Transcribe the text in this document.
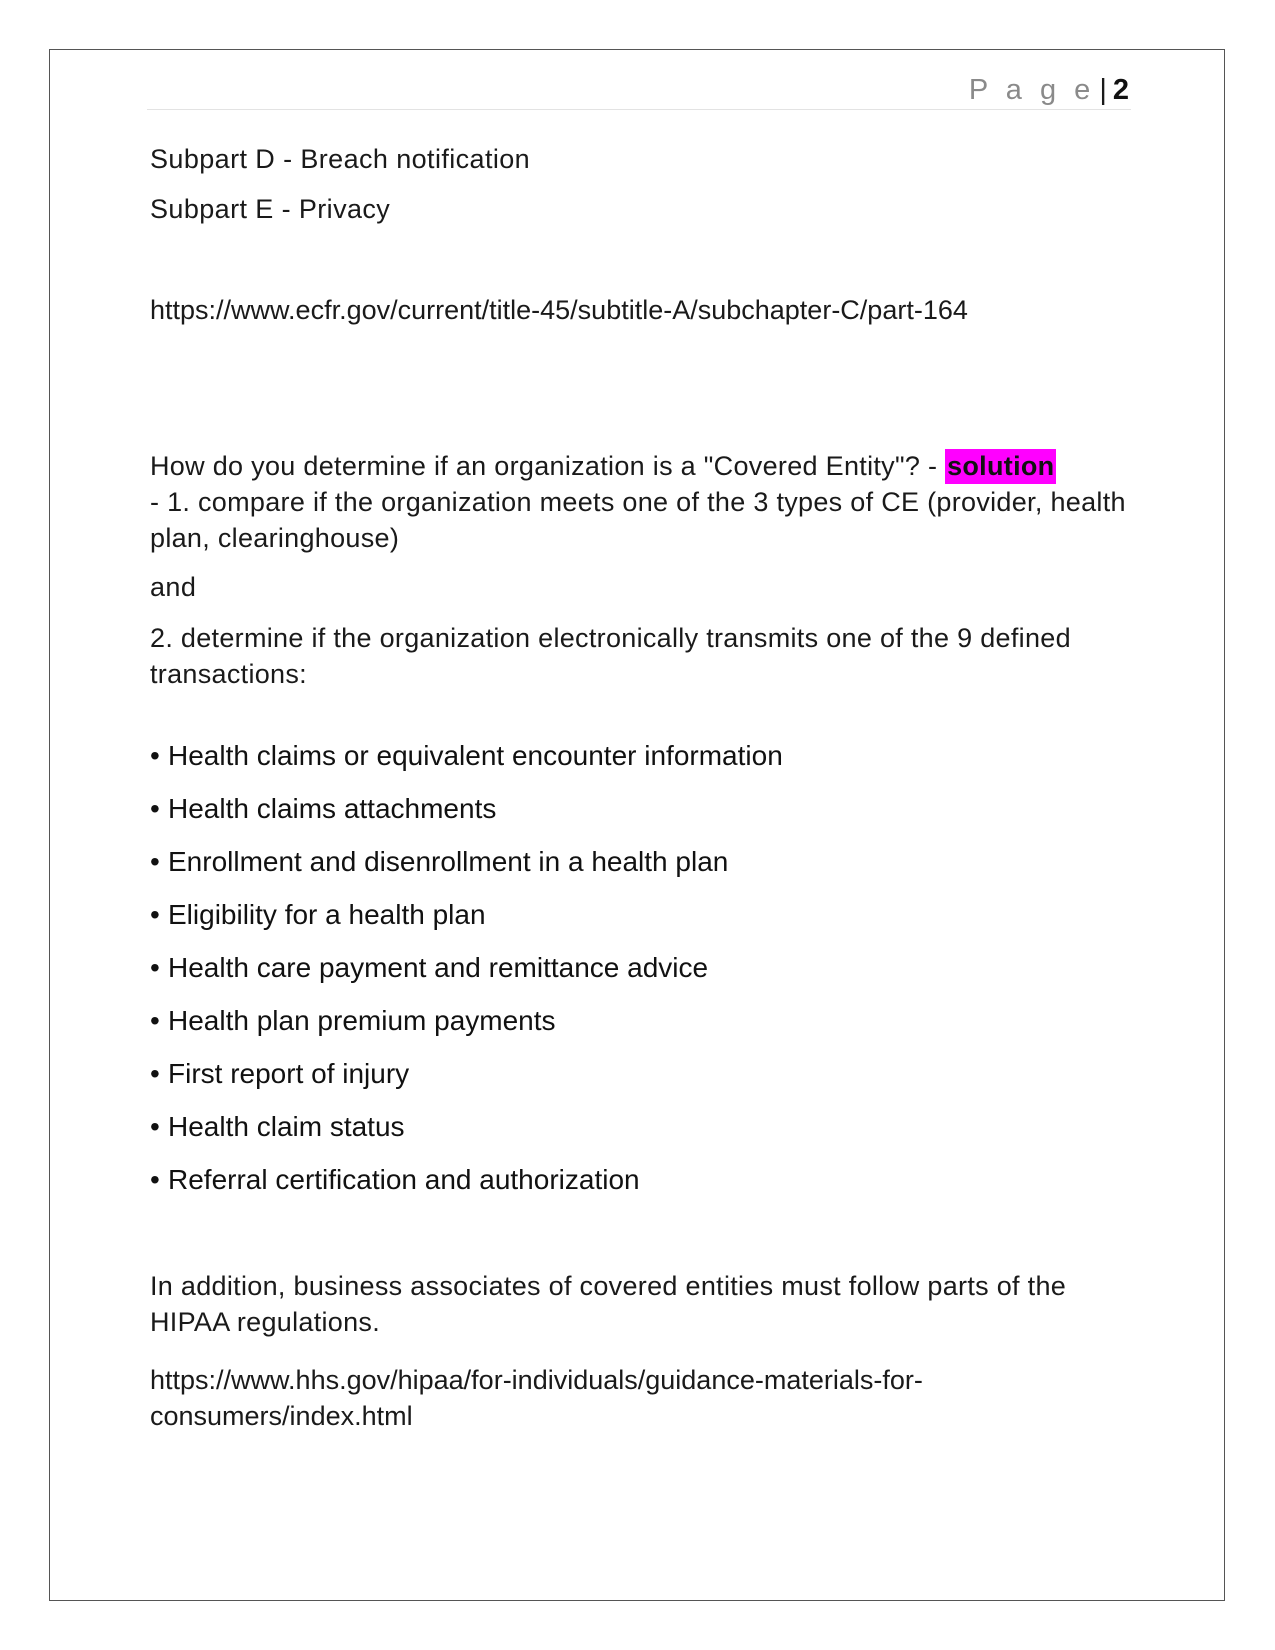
P a g e | 2
Subpart D - Breach notification
Subpart E - Privacy
https://www.ecfr.gov/current/title-45/subtitle-A/subchapter-C/part-164
How do you determine if an organization is a "Covered Entity"? - solution
- 1. compare if the organization meets one of the 3 types of CE (provider, health plan, clearinghouse)
and
2. determine if the organization electronically transmits one of the 9 defined transactions:
• Health claims or equivalent encounter information
• Health claims attachments
• Enrollment and disenrollment in a health plan
• Eligibility for a health plan
• Health care payment and remittance advice
• Health plan premium payments
• First report of injury
• Health claim status
• Referral certification and authorization
In addition, business associates of covered entities must follow parts of the HIPAA regulations.
https://www.hhs.gov/hipaa/for-individuals/guidance-materials-for-consumers/index.html
